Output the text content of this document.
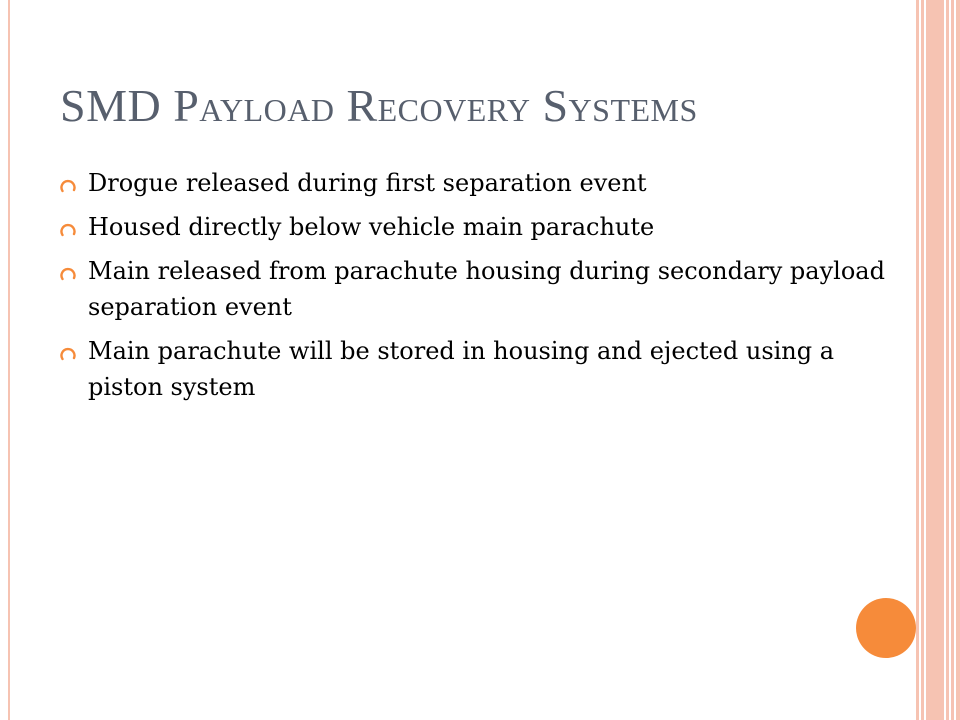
SMD Payload Recovery Systems
Drogue released during first separation event
Housed directly below vehicle main parachute
Main released from parachute housing during secondary payload separation event
Main parachute will be stored in housing and ejected using a piston system
